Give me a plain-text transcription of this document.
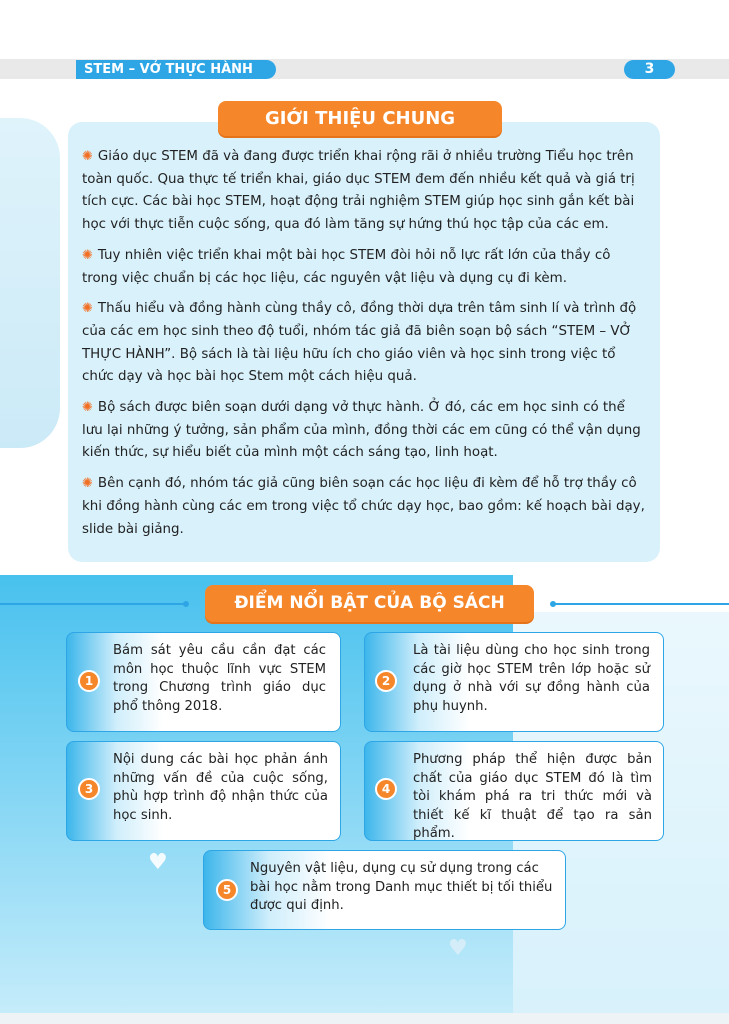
STEM – VỞ THỰC HÀNH	3

✺ Giáo dục STEM đã và đang được triển khai rộng rãi ở nhiều trường Tiểu học trên toàn quốc. Qua thực tế triển khai, giáo dục STEM đem đến nhiều kết quả và giá trị tích cực. Các bài học STEM, hoạt động trải nghiệm STEM giúp học sinh gắn kết bài học với thực tiễn cuộc sống, qua đó làm tăng sự hứng thú học tập của các em.

✺ Tuy nhiên việc triển khai một bài học STEM đòi hỏi nỗ lực rất lớn của thầy cô trong việc chuẩn bị các học liệu, các nguyên vật liệu và dụng cụ đi kèm.

✺ Thấu hiểu và đồng hành cùng thầy cô, đồng thời dựa trên tâm sinh lí và trình độ của các em học sinh theo độ tuổi, nhóm tác giả đã biên soạn bộ sách “STEM – VỞ THỰC HÀNH”. Bộ sách là tài liệu hữu ích cho giáo viên và học sinh trong việc tổ chức dạy và học bài học Stem một cách hiệu quả.

✺ Bộ sách được biên soạn dưới dạng vở thực hành. Ở đó, các em học sinh có thể lưu lại những ý tưởng, sản phẩm của mình, đồng thời các em cũng có thể vận dụng kiến thức, sự hiểu biết của mình một cách sáng tạo, linh hoạt.

✺ Bên cạnh đó, nhóm tác giả cũng biên soạn các học liệu đi kèm để hỗ trợ thầy cô khi đồng hành cùng các em trong việc tổ chức dạy học, bao gồm: kế hoạch bài dạy, slide bài giảng.

GIỚI THIỆU CHUNG
ĐIỂM NỔI BẬT CỦA BỘ SÁCH
1
Bám sát yêu cầu cần đạt các môn học thuộc lĩnh vực STEM trong Chương trình giáo dục phổ thông 2018.
2
Là tài liệu dùng cho học sinh trong các giờ học STEM trên lớp hoặc sử dụng ở nhà với sự đồng hành của phụ huynh.
3
Nội dung các bài học phản ánh những vấn đề của cuộc sống, phù hợp trình độ nhận thức của học sinh.
4
Phương pháp thể hiện được bản chất của giáo dục STEM đó là tìm tòi khám phá ra tri thức mới và thiết kế kĩ thuật để tạo ra sản phẩm.
5
Nguyên vật liệu, dụng cụ sử dụng trong các bài học nằm trong Danh mục thiết bị tối thiểu được qui định.
♥
♥
